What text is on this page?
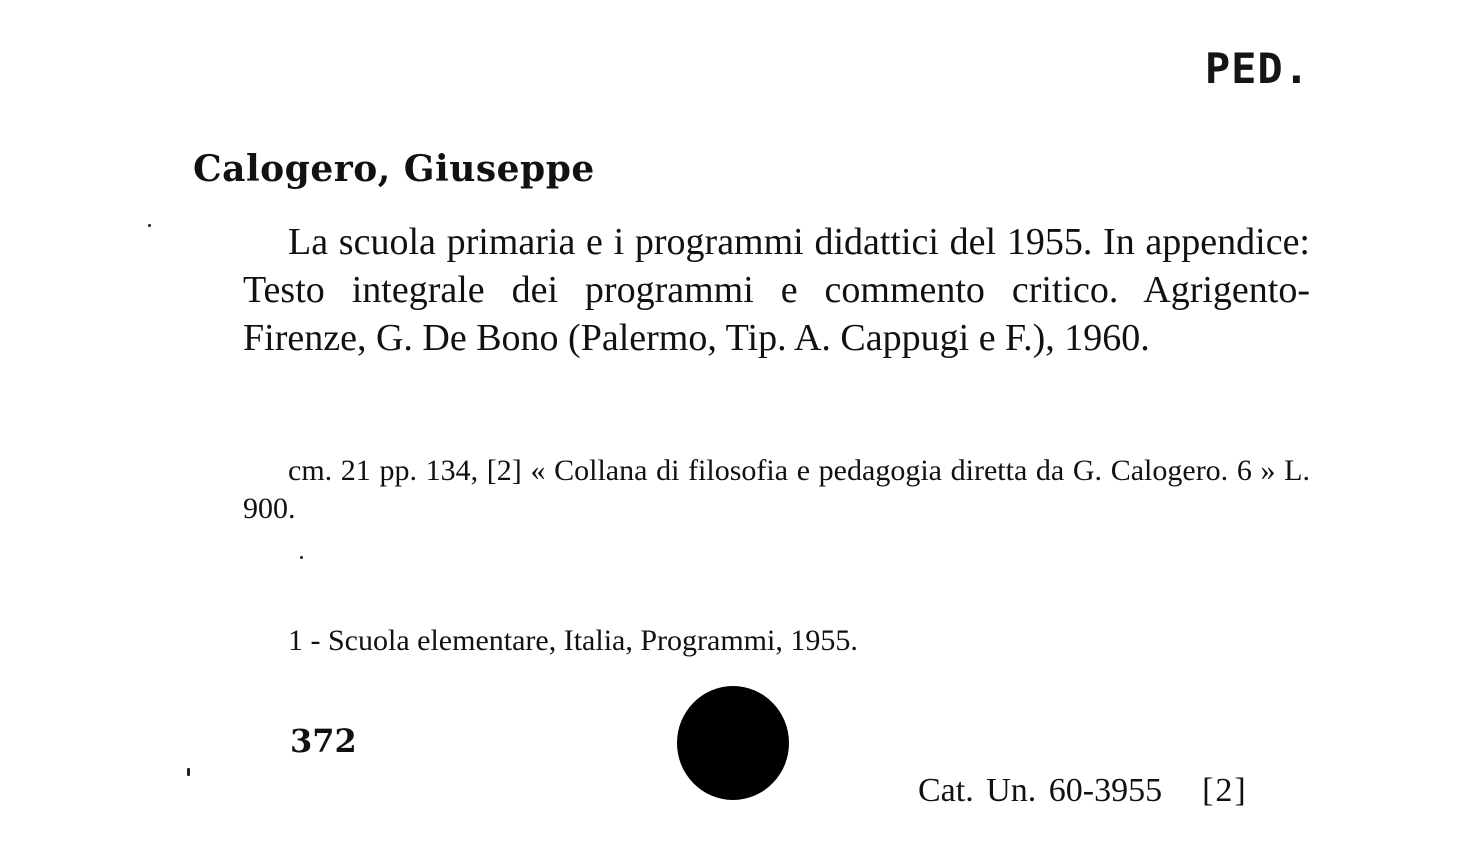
PED.
Calogero, Giuseppe
La scuola primaria e i programmi didattici del 1955. In appendice: Testo integrale dei programmi e commento critico. Agrigento-Firenze, G. De Bono (Palermo, Tip. A. Cappugi e F.), 1960.
cm. 21 pp. 134, [2] « Collana di filosofia e pedagogia diretta da G. Calogero. 6 » L. 900.
1 - Scuola elementare, Italia, Programmi, 1955.
372
Cat. Un. 60-3955 [2]
